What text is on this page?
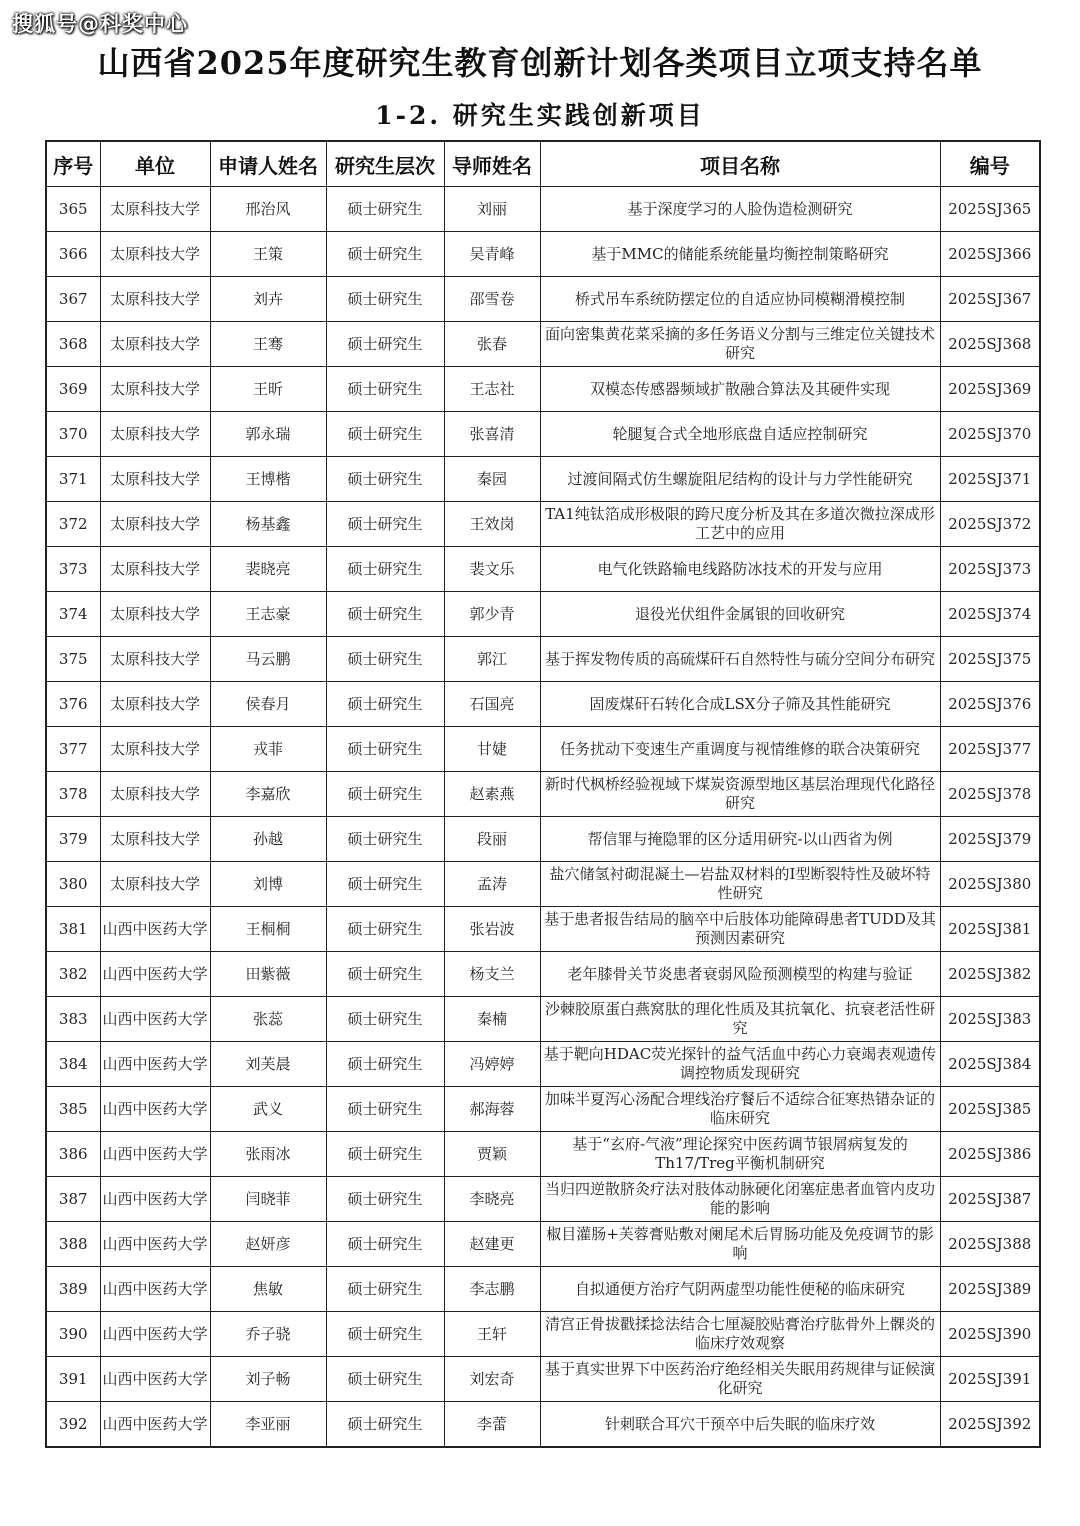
搜狐号@科奖中心
山西省2025年度研究生教育创新计划各类项目立项支持名单
1-2. 研究生实践创新项目
序号	单位	申请人姓名	研究生层次	导师姓名	项目名称	编号
365	太原科技大学	邢治风	硕士研究生	刘丽	基于深度学习的人脸伪造检测研究	2025SJ365
366	太原科技大学	王策	硕士研究生	吴青峰	基于MMC的储能系统能量均衡控制策略研究	2025SJ366
367	太原科技大学	刘卉	硕士研究生	邵雪卷	桥式吊车系统防摆定位的自适应协同模糊滑模控制	2025SJ367
368	太原科技大学	王骞	硕士研究生	张春	面向密集黄花菜采摘的多任务语义分割与三维定位关键技术研究	2025SJ368
369	太原科技大学	王昕	硕士研究生	王志社	双模态传感器频域扩散融合算法及其硬件实现	2025SJ369
370	太原科技大学	郭永瑞	硕士研究生	张喜清	轮腿复合式全地形底盘自适应控制研究	2025SJ370
371	太原科技大学	王博楷	硕士研究生	秦园	过渡间隔式仿生螺旋阻尼结构的设计与力学性能研究	2025SJ371
372	太原科技大学	杨基鑫	硕士研究生	王效岗	TA1纯钛箔成形极限的跨尺度分析及其在多道次微拉深成形工艺中的应用	2025SJ372
373	太原科技大学	裴晓亮	硕士研究生	裴文乐	电气化铁路输电线路防冰技术的开发与应用	2025SJ373
374	太原科技大学	王志豪	硕士研究生	郭少青	退役光伏组件金属银的回收研究	2025SJ374
375	太原科技大学	马云鹏	硕士研究生	郭江	基于挥发物传质的高硫煤矸石自然特性与硫分空间分布研究	2025SJ375
376	太原科技大学	侯春月	硕士研究生	石国亮	固废煤矸石转化合成LSX分子筛及其性能研究	2025SJ376
377	太原科技大学	戎菲	硕士研究生	甘婕	任务扰动下变速生产重调度与视情维修的联合决策研究	2025SJ377
378	太原科技大学	李嘉欣	硕士研究生	赵素燕	新时代枫桥经验视域下煤炭资源型地区基层治理现代化路径研究	2025SJ378
379	太原科技大学	孙越	硕士研究生	段丽	帮信罪与掩隐罪的区分适用研究-以山西省为例	2025SJ379
380	太原科技大学	刘博	硕士研究生	孟涛	盐穴储氢衬砌混凝土—岩盐双材料的I型断裂特性及破坏特性研究	2025SJ380
381	山西中医药大学	王桐桐	硕士研究生	张岩波	基于患者报告结局的脑卒中后肢体功能障碍患者TUDD及其预测因素研究	2025SJ381
382	山西中医药大学	田紫薇	硕士研究生	杨支兰	老年膝骨关节炎患者衰弱风险预测模型的构建与验证	2025SJ382
383	山西中医药大学	张蕊	硕士研究生	秦楠	沙棘胶原蛋白燕窝肽的理化性质及其抗氧化、抗衰老活性研究	2025SJ383
384	山西中医药大学	刘芙晨	硕士研究生	冯婷婷	基于靶向HDAC荧光探针的益气活血中药心力衰竭表观遗传调控物质发现研究	2025SJ384
385	山西中医药大学	武义	硕士研究生	郝海蓉	加味半夏泻心汤配合埋线治疗餐后不适综合征寒热错杂证的临床研究	2025SJ385
386	山西中医药大学	张雨冰	硕士研究生	贾颖	基于“玄府-气液”理论探究中医药调节银屑病复发的Th17/Treg平衡机制研究	2025SJ386
387	山西中医药大学	闫晓菲	硕士研究生	李晓亮	当归四逆散脐灸疗法对肢体动脉硬化闭塞症患者血管内皮功能的影响	2025SJ387
388	山西中医药大学	赵妍彦	硕士研究生	赵建更	椒目灌肠+芙蓉膏贴敷对阑尾术后胃肠功能及免疫调节的影响	2025SJ388
389	山西中医药大学	焦敏	硕士研究生	李志鹏	自拟通便方治疗气阴两虚型功能性便秘的临床研究	2025SJ389
390	山西中医药大学	乔子骁	硕士研究生	王轩	清宫正骨拔戳揉捻法结合七厘凝胶贴膏治疗肱骨外上髁炎的临床疗效观察	2025SJ390
391	山西中医药大学	刘子畅	硕士研究生	刘宏奇	基于真实世界下中医药治疗绝经相关失眠用药规律与证候演化研究	2025SJ391
392	山西中医药大学	李亚丽	硕士研究生	李蕾	针刺联合耳穴干预卒中后失眠的临床疗效	2025SJ392
